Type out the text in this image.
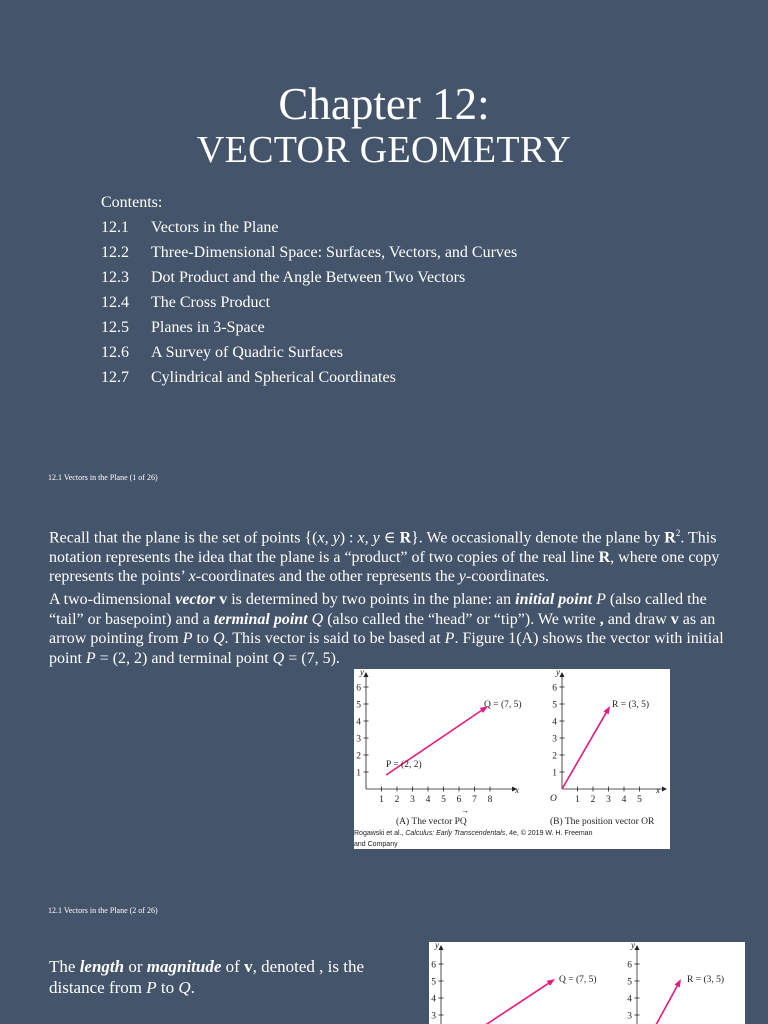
Chapter 12:
VECTOR GEOMETRY
Contents:
12.1	Vectors in the Plane
12.2	Three-Dimensional Space: Surfaces, Vectors, and Curves
12.3	Dot Product and the Angle Between Two Vectors
12.4	The Cross Product
12.5	Planes in 3-Space
12.6	A Survey of Quadric Surfaces
12.7	Cylindrical and Spherical Coordinates
12.1 Vectors in the Plane (1 of 26)
Recall that the plane is the set of points {(x, y) : x, y ∈ R}. We occasionally denote the plane by $R^2$. This notation represents the idea that the plane is a “product” of two copies of the real line R, where one copy represents the points’ x-coordinates and the other represents the y-coordinates.
A two-dimensional vector v is determined by two points in the plane: an initial point P (also called the “tail” or basepoint) and a terminal point Q (also called the “head” or “tip”). We write , and draw v as an arrow pointing from P to Q. This vector is said to be based at P. Figure 1(A) shows the vector with initial point P = (2, 2) and terminal point Q = (7, 5).
y
x
1
2
3
4
5
6
1 2 3 4 5 6 7 8
Q = (7, 5)
P = (2, 2)
(A) The vector PQ
→
y
x
O
1
2
3
4
5
6
1 2 3 4 5
R = (3, 5)
(B) The position vector OR
Rogawski et al., Calculus: Early Transcendentals, 4e, © 2019 W. H. Freeman
and Company
12.1 Vectors in the Plane (2 of 26)
The length or magnitude of v, denoted , is the distance from P to Q.
y
3
4
5
6
y
3
4
5
6
Q = (7, 5)	R = (3, 5)
